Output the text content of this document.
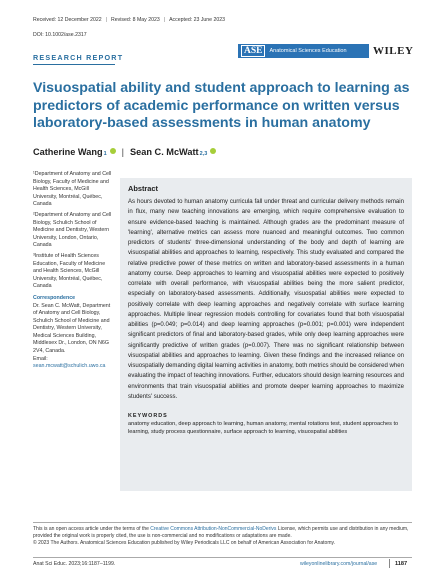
Received: 12 December 2022 | Revised: 8 May 2023 | Accepted: 23 June 2023
DOI: 10.1002/ase.2317
RESEARCH REPORT
ASE	Anatomical Sciences Education WILEY
Visuospatial ability and student approach to learning as predictors of academic performance on written versus laboratory-based assessments in human anatomy
Catherine Wang$_1$ | Sean C. McWatt$_{2,3}$

¹Department of Anatomy and Cell Biology, Faculty of Medicine and Health Sciences, McGill University, Montréal, Québec, Canada

²Department of Anatomy and Cell Biology, Schulich School of Medicine and Dentistry, Western University, London, Ontario, Canada

³Institute of Health Sciences Education, Faculty of Medicine and Health Sciences, McGill University, Montréal, Québec, Canada

Correspondence
Dr. Sean C. McWatt, Department of Anatomy and Cell Biology, Schulich School of Medicine and Dentistry, Western University, Medical Sciences Building, Middlesex Dr., London, ON N6G 2V4, Canada.
Email: sean.mcwatt@schulich.uwo.ca
Abstract

As hours devoted to human anatomy curricula fall under threat and curricular delivery methods remain in flux, many new teaching innovations are emerging, which require comprehensive evaluation to ensure evidence-based teaching is maintained. Although grades are the predominant measure of 'learning', alternative metrics can assess more nuanced and meaningful outcomes. Two common predictors of students' three-dimensional understanding of the body and depth of learning are visuospatial abilities and approaches to learning, respectively. This study evaluated and compared the relative predictive power of these metrics on written and laboratory-based assessments in a human anatomy course. Deep approaches to learning and visuospatial abilities were expected to positively correlate with overall performance, with visuospatial abilities being the more salient predictor, especially on laboratory-based assessments. Additionally, visuospatial abilities were expected to positively correlate with deep learning approaches and negatively correlate with surface learning approaches. Multiple linear regression models controlling for covariates found that both visuospatial abilities (p=0.049; p=0.014) and deep learning approaches (p=0.001; p=0.001) were independent significant predictors of final and laboratory-based grades, while only deep learning approaches were significantly predictive of written grades (p=0.007). There was no significant relationship between visuospatial abilities and approaches to learning. Given these findings and the increased reliance on visuospatially demanding digital learning activities in anatomy, both metrics should be considered when evaluating the impact of teaching innovations. Further, educators should design learning resources and environments that train visuospatial abilities and promote deeper learning approaches to maximize students' success.

KEYWORDS

anatomy education, deep approach to learning, human anatomy, mental rotations test, student approaches to learning, study process questionnaire, surface approach to learning, visuospatial abilities

This is an open access article under the terms of the Creative Commons Attribution-NonCommercial-NoDerivs License, which permits use and distribution in any medium, provided the original work is properly cited, the use is non-commercial and no modifications or adaptations are made.
© 2023 The Authors. Anatomical Sciences Education published by Wiley Periodicals LLC on behalf of American Association for Anatomy.
Anat Sci Educ. 2023;16:1187–1199.	wileyonlinelibrary.com/journal/ase	1187
